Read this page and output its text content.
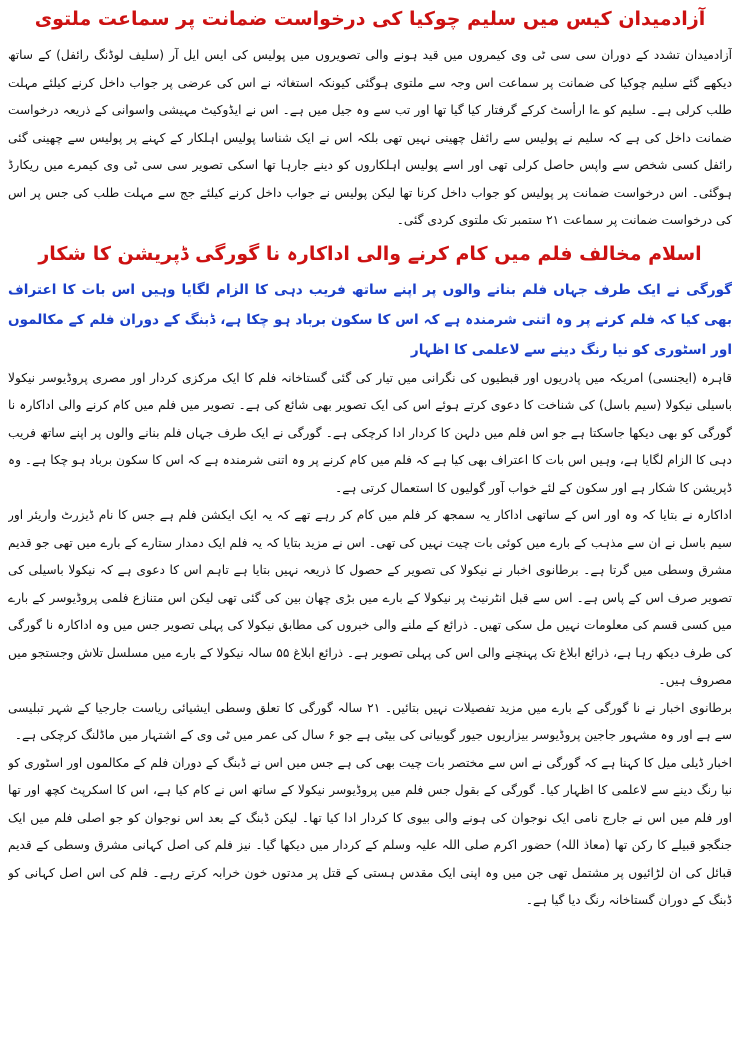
آزادمیدان کیس میں سلیم چوکیا کی درخواست ضمانت پر سماعت ملتوی

آزادمیدان تشدد کے دوران سی سی ٹی وی کیمروں میں قید ہونے والی تصویروں میں پولیس کی ایس ایل آر (سلیف لوڈنگ رائفل) کے ساتھ دیکھے گئے سلیم چوکیا کی ضمانت پر سماعت اس وجہ سے ملتوی ہوگئی کیونکہ استغاثہ نے اس کی عرضی پر جواب داخل کرنے کیلئے مہلت طلب کرلی ہے۔ سلیم کو ےا ارأسٹ کرکے گرفتار کیا گیا تھا اور تب سے وہ جیل میں ہے۔ اس نے ایڈوکیٹ مہیشی واسوانی کے ذریعہ درخواست ضمانت داخل کی ہے کہ سلیم نے پولیس سے رائفل چھینی نہیں تھی بلکہ اس نے ایک شناسا پولیس اہلکار کے کہنے پر پولیس سے چھینی گئی رائفل کسی شخص سے واپس حاصل کرلی تھی اور اسے پولیس اہلکاروں کو دینے جارہا تھا اسکی تصویر سی سی ٹی وی کیمرے میں ریکارڈ ہوگئی۔ اس درخواست ضمانت پر پولیس کو جواب داخل کرنا تھا لیکن پولیس نے جواب داخل کرنے کیلئے جج سے مہلت طلب کی جس پر اس کی درخواست ضمانت پر سماعت ۲۱ ستمبر تک ملتوی کردی گئی۔

اسلام مخالف فلم میں کام کرنے والی اداکارہ نا گورگی ڈپریشن کا شکار

گورگی نے ایک طرف جہاں فلم بنانے والوں پر اپنے ساتھ فریب دہی کا الزام لگایا وہیں اس بات کا اعتراف بھی کیا کہ فلم کرنے پر وہ اتنی شرمندہ ہے کہ اس کا سکون برباد ہو چکا ہے، ڈبنگ کے دوران فلم کے مکالموں اور اسٹوری کو نیا رنگ دینے سے لاعلمی کا اظہار

قاہرہ (ایجنسی) امریکہ میں پادریوں اور قبطیوں کی نگرانی میں تیار کی گئی گستاخانہ فلم کا ایک مرکزی کردار اور مصری پروڈیوسر نیکولا باسیلی نیکولا (سیم باسل) کی شناخت کا دعوی کرتے ہوئے اس کی ایک تصویر بھی شائع کی ہے۔ تصویر میں فلم میں کام کرنے والی اداکارہ نا گورگی کو بھی دیکھا جاسکتا ہے جو اس فلم میں دلہن کا کردار ادا کرچکی ہے۔ گورگی نے ایک طرف جہاں فلم بنانے والوں پر اپنے ساتھ فریب دہی کا الزام لگایا ہے، وہیں اس بات کا اعتراف بھی کیا ہے کہ فلم میں کام کرنے پر وہ اتنی شرمندہ ہے کہ اس کا سکون برباد ہو چکا ہے۔ وہ ڈپریشن کا شکار ہے اور سکون کے لئے خواب آور گولیوں کا استعمال کرتی ہے۔

اداکارہ نے بتایا کہ وہ اور اس کے ساتھی اداکار یہ سمجھ کر فلم میں کام کر رہے تھے کہ یہ ایک ایکشن فلم ہے جس کا نام ڈیزرٹ واریئر اور سیم باسل نے ان سے مذہب کے بارے میں کوئی بات چیت نہیں کی تھی۔ اس نے مزید بتایا کہ یہ فلم ایک دمدار ستارے کے بارے میں تھی جو قدیم مشرق وسطی میں گرتا ہے۔ برطانوی اخبار نے نیکولا کی تصویر کے حصول کا ذریعہ نہیں بتایا ہے تاہم اس کا دعوی ہے کہ نیکولا باسیلی کی تصویر صرف اس کے پاس ہے۔ اس سے قبل انٹرنیٹ پر نیکولا کے بارے میں بڑی چھان بین کی گئی تھی لیکن اس متنازع فلمی پروڈیوسر کے بارے میں کسی قسم کی معلومات نہیں مل سکی تھیں۔ ذرائع کے ملنے والی خبروں کی مطابق نیکولا کی پہلی تصویر جس میں وہ اداکارہ نا گورگی کی طرف دیکھ رہا ہے، ذرائع ابلاغ تک پہنچنے والی اس کی پہلی تصویر ہے۔ ذرائع ابلاغ ۵۵ سالہ نیکولا کے بارے میں مسلسل تلاش وجستجو میں مصروف ہیں۔

برطانوی اخبار نے نا گورگی کے بارے میں مزید تفصیلات نہیں بتائیں۔ ۲۱ سالہ گورگی کا تعلق وسطی ایشیائی ریاست جارجیا کے شہر تبلیسی سے ہے اور وہ مشہور جاجین پروڈیوسر بیزاریوں جیور گوبیانی کی بیٹی ہے جو ۶ سال کی عمر میں ٹی وی کے اشتہار میں ماڈلنگ کرچکی ہے۔

اخبار ڈیلی میل کا کہنا ہے کہ گورگی نے اس سے مختصر بات چیت بھی کی ہے جس میں اس نے ڈبنگ کے دوران فلم کے مکالموں اور اسٹوری کو نیا رنگ دینے سے لاعلمی کا اظہار کیا۔ گورگی کے بقول جس فلم میں پروڈیوسر نیکولا کے ساتھ اس نے کام کیا ہے، اس کا اسکرپٹ کچھ اور تھا اور فلم میں اس نے جارج نامی ایک نوجوان کی ہونے والی بیوی کا کردار ادا کیا تھا۔ لیکن ڈبنگ کے بعد اس نوجوان کو جو اصلی فلم میں ایک جنگجو قبیلے کا رکن تھا (معاذ اللہ) حضور اکرم صلی اللہ علیہ وسلم کے کردار میں دیکھا گیا۔ نیز فلم کی اصل کہانی مشرق وسطی کے قدیم قبائل کی ان لڑائیوں پر مشتمل تھی جن میں وہ اپنی ایک مقدس ہستی کے قتل پر مدتوں خون خرابہ کرتے رہے۔ فلم کی اس اصل کہانی کو ڈبنگ کے دوران گستاخانہ رنگ دیا گیا ہے۔
